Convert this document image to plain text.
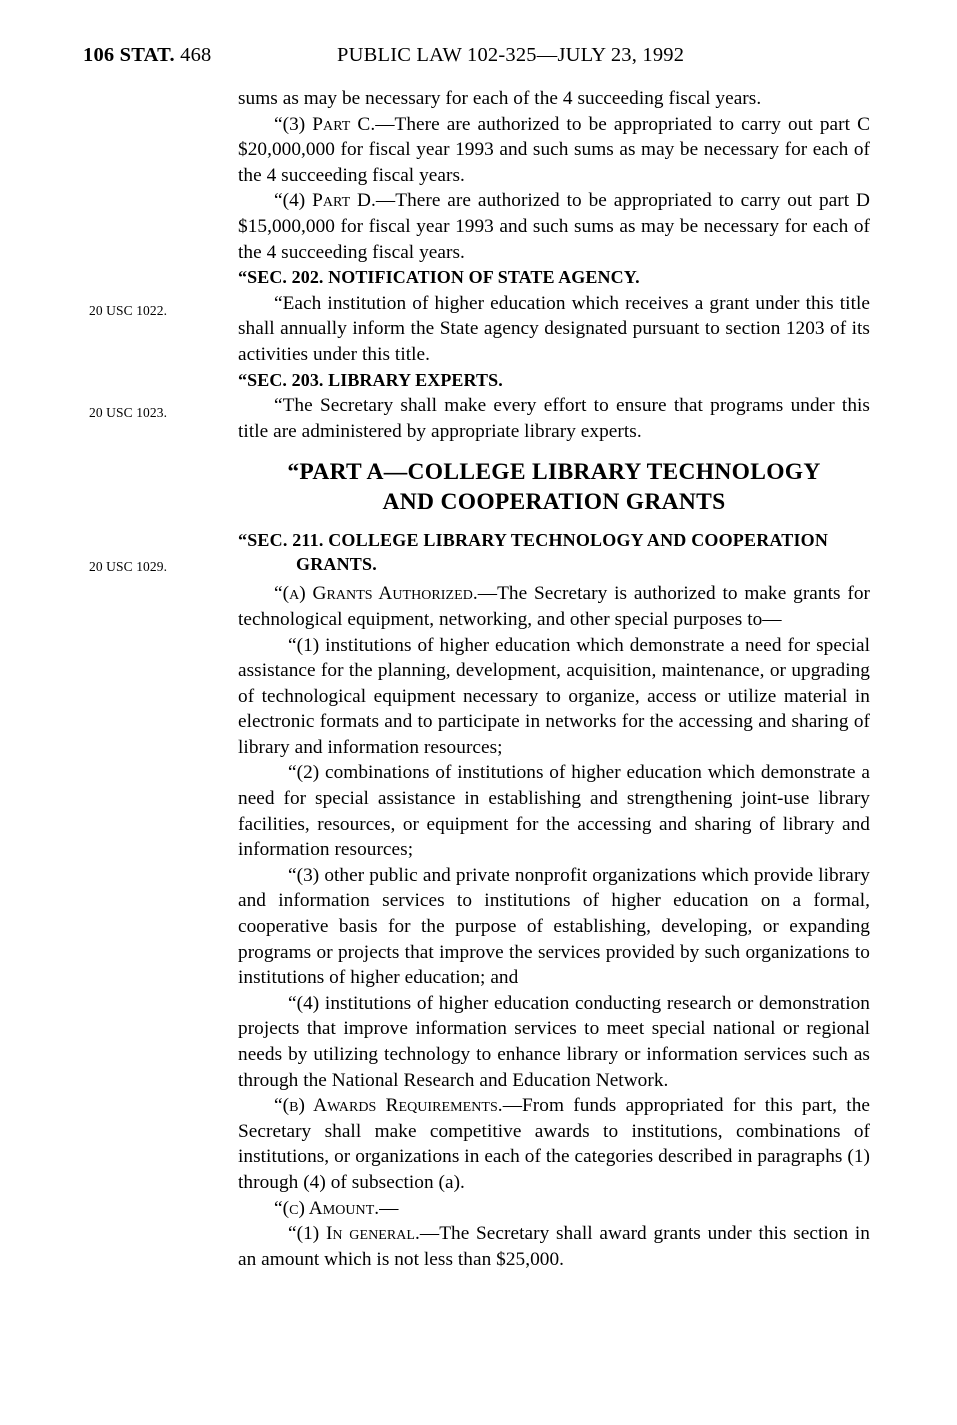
106 STAT. 468	PUBLIC LAW 102-325—JULY 23, 1992
20 USC 1022.
20 USC 1023.
20 USC 1029.

sums as may be necessary for each of the 4 succeeding fiscal years.

“(3) Part C.—There are authorized to be appropriated to carry out part C $20,000,000 for fiscal year 1993 and such sums as may be necessary for each of the 4 succeeding fiscal years.

“(4) Part D.—There are authorized to be appropriated to carry out part D $15,000,000 for fiscal year 1993 and such sums as may be necessary for each of the 4 succeeding fiscal years.

“SEC. 202. NOTIFICATION OF STATE AGENCY.

“Each institution of higher education which receives a grant under this title shall annually inform the State agency designated pursuant to section 1203 of its activities under this title.

“SEC. 203. LIBRARY EXPERTS.

“The Secretary shall make every effort to ensure that programs under this title are administered by appropriate library experts.

“PART A—COLLEGE LIBRARY TECHNOLOGY
AND COOPERATION GRANTS
“SEC. 211. COLLEGE LIBRARY TECHNOLOGY AND COOPERATION
GRANTS.

“(a) Grants Authorized.—The Secretary is authorized to make grants for technological equipment, networking, and other special purposes to—

“(1) institutions of higher education which demonstrate a need for special assistance for the planning, development, acquisition, maintenance, or upgrading of technological equipment necessary to organize, access or utilize material in electronic formats and to participate in networks for the accessing and sharing of library and information resources;

“(2) combinations of institutions of higher education which demonstrate a need for special assistance in establishing and strengthening joint-use library facilities, resources, or equipment for the accessing and sharing of library and information resources;

“(3) other public and private nonprofit organizations which provide library and information services to institutions of higher education on a formal, cooperative basis for the purpose of establishing, developing, or expanding programs or projects that improve the services provided by such organizations to institutions of higher education; and

“(4) institutions of higher education conducting research or demonstration projects that improve information services to meet special national or regional needs by utilizing technology to enhance library or information services such as through the National Research and Education Network.

“(b) Awards Requirements.—From funds appropriated for this part, the Secretary shall make competitive awards to institutions, combinations of institutions, or organizations in each of the categories described in paragraphs (1) through (4) of subsection (a).

“(c) Amount.—

“(1) In general.—The Secretary shall award grants under this section in an amount which is not less than $25,000.
